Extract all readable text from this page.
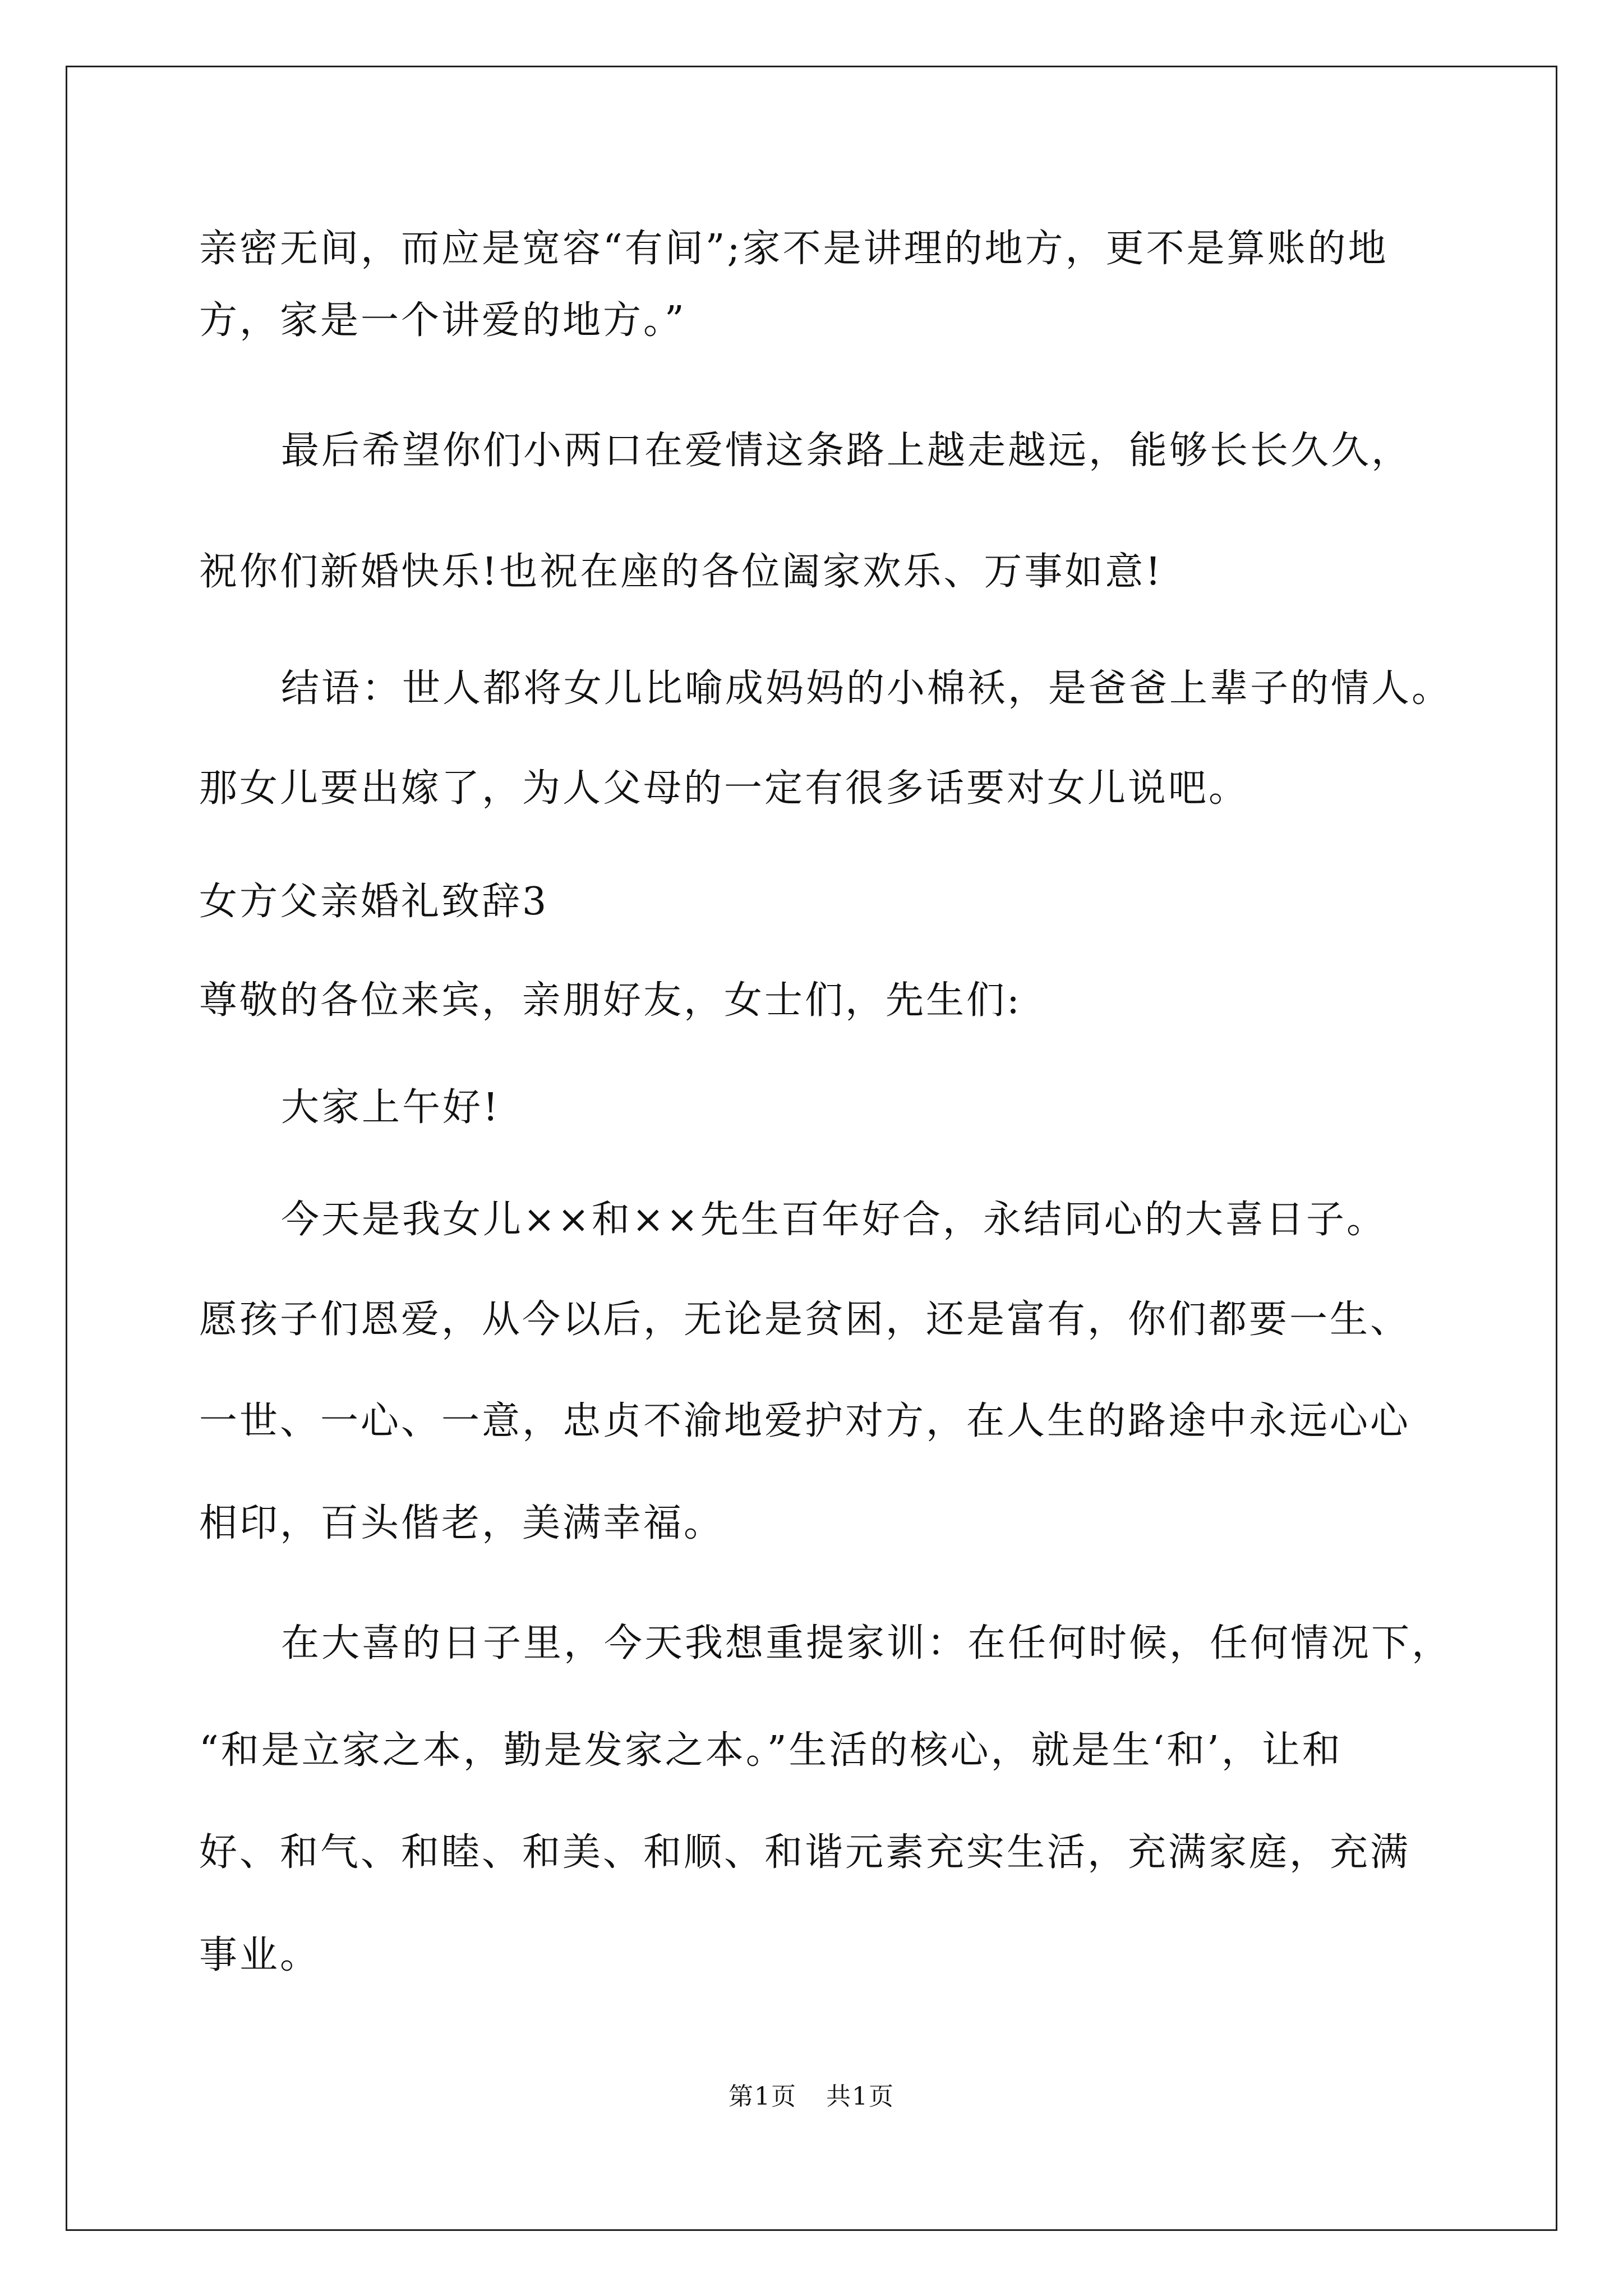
亲密无间，而应是宽容“有间”;家不是讲理的地方，更不是算账的地
方，家是一个讲爱的地方。”
最后希望你们小两口在爱情这条路上越走越远，能够长长久久，
祝你们新婚快乐!也祝在座的各位阖家欢乐、万事如意!
结语：世人都将女儿比喻成妈妈的小棉袄，是爸爸上辈子的情人。
那女儿要出嫁了，为人父母的一定有很多话要对女儿说吧。
女方父亲婚礼致辞3
尊敬的各位来宾，亲朋好友，女士们，先生们:
大家上午好!
今天是我女儿××和××先生百年好合，永结同心的大喜日子。
愿孩子们恩爱，从今以后，无论是贫困，还是富有，你们都要一生、
一世、一心、一意，忠贞不渝地爱护对方，在人生的路途中永远心心
相印，百头偕老，美满幸福。
在大喜的日子里，今天我想重提家训：在任何时候，任何情况下，
“和是立家之本，勤是发家之本。”生活的核心，就是生‘和’，让和
好、和气、和睦、和美、和顺、和谐元素充实生活，充满家庭，充满
事业。
第1页 共1页
